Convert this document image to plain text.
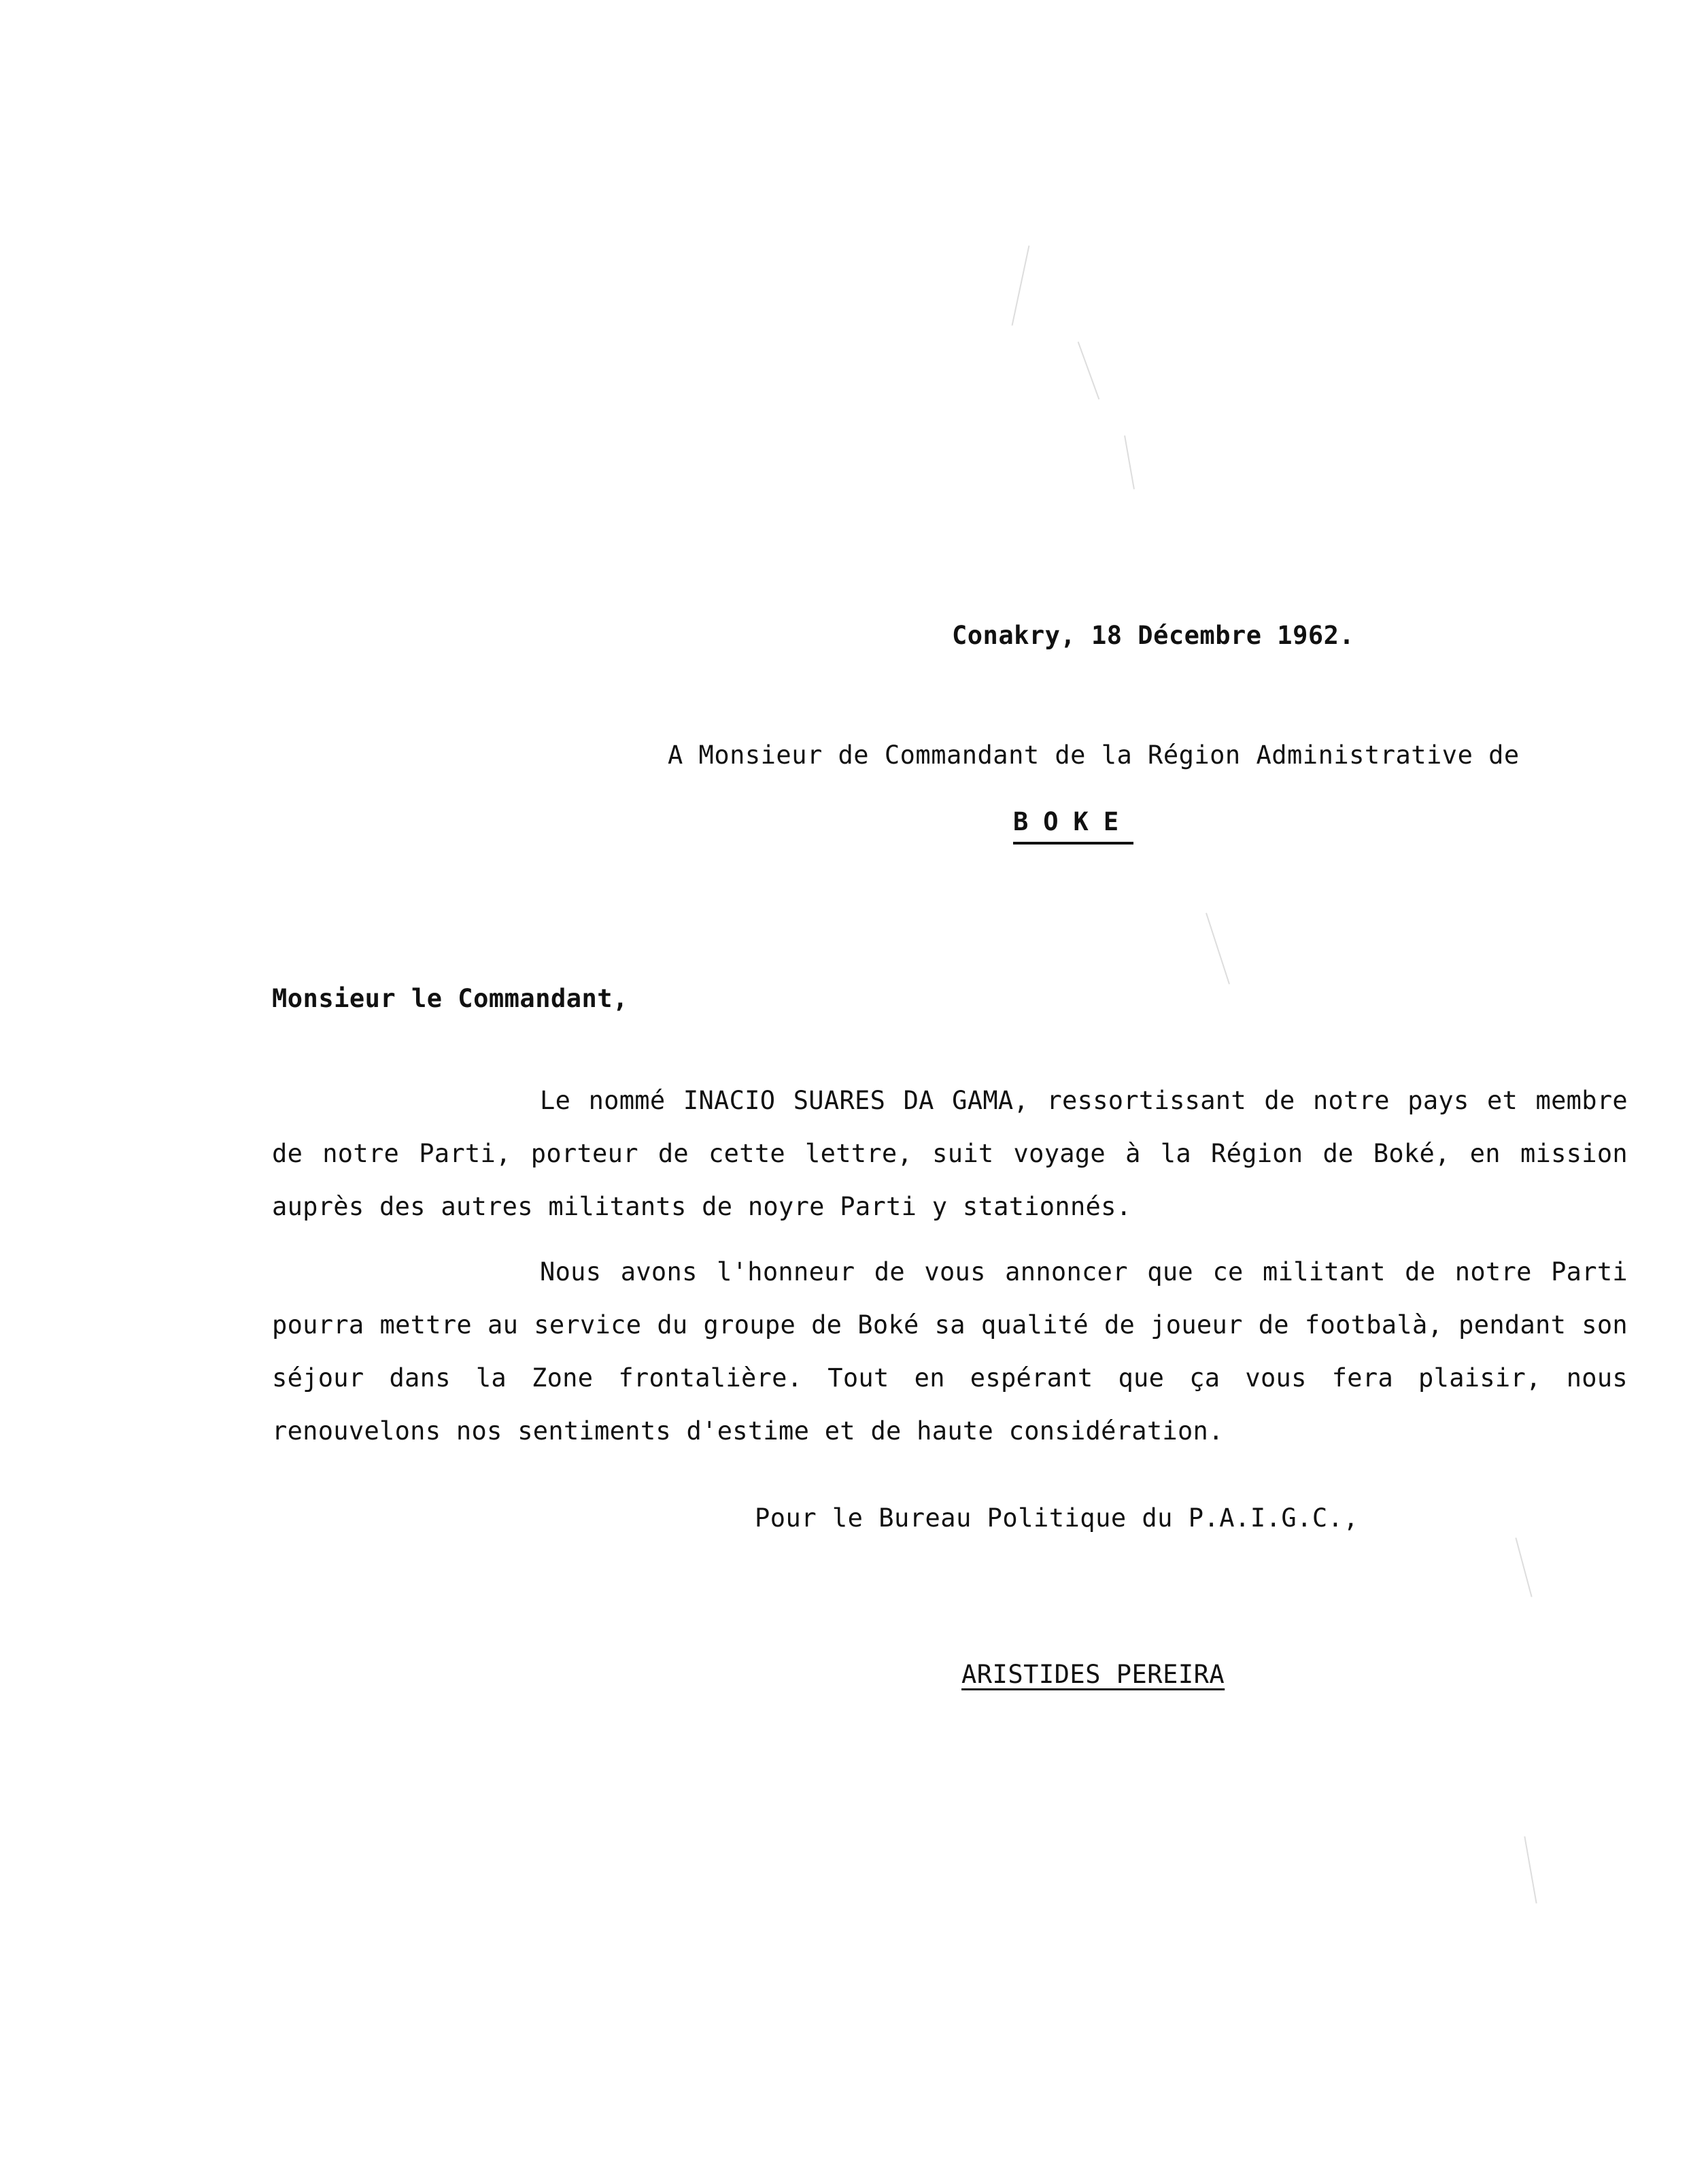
Conakry, 18 Décembre 1962.
A Monsieur de Commandant de la Région Administrative de
BOKE
Monsieur le Commandant,
Le nommé INACIO SUARES DA GAMA, ressortissant de notre pays et membre de notre Parti, porteur de cette lettre, suit voyage à la Région de Boké, en mission auprès des autres militants de noyre Parti y stationnés.
Nous avons l'honneur de vous annoncer que ce militant de notre Parti pourra mettre au service du groupe de Boké sa qualité de joueur de footbalà, pendant son séjour dans la Zone frontalière. Tout en espérant que ça vous fera plaisir, nous renouvelons nos sentiments d'estime et de haute considération.
Pour le Bureau Politique du P.A.I.G.C.,
ARISTIDES PEREIRA
